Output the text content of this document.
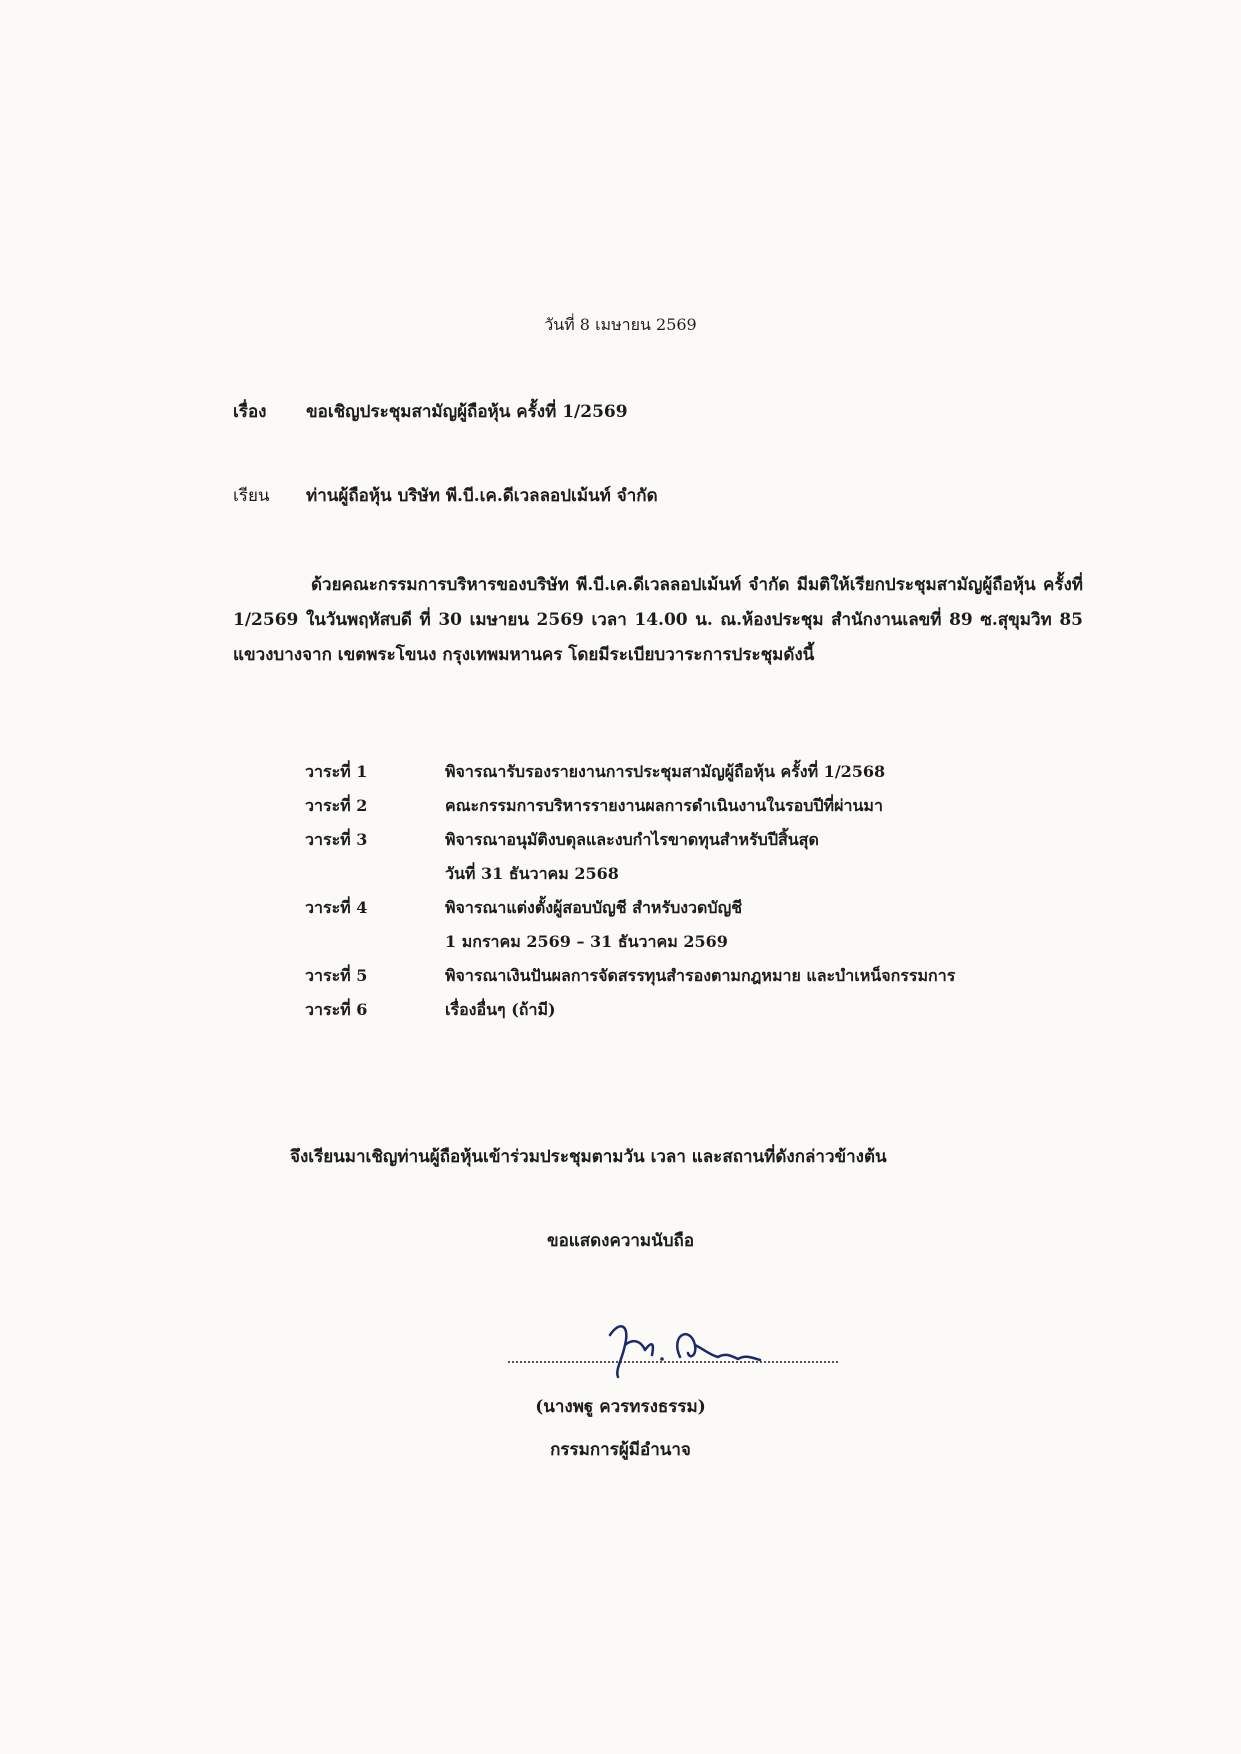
วันที่ 8 เมษายน 2569
เรื่อง ขอเชิญประชุมสามัญผู้ถือหุ้น ครั้งที่ 1/2569
เรียน ท่านผู้ถือหุ้น บริษัท พี.บี.เค.ดีเวลลอปเม้นท์ จำกัด
ด้วยคณะกรรมการบริหารของบริษัท พี.บี.เค.ดีเวลลอปเม้นท์ จำกัด มีมติให้เรียกประชุมสามัญผู้ถือหุ้น ครั้งที่ 1/2569 ในวันพฤหัสบดี ที่ 30 เมษายน 2569 เวลา 14.00 น. ณ.ห้องประชุม สำนักงานเลขที่ 89 ซ.สุขุมวิท 85 แขวงบางจาก เขตพระโขนง กรุงเทพมหานคร โดยมีระเบียบวาระการประชุมดังนี้
วาระที่ 1	พิจารณารับรองรายงานการประชุมสามัญผู้ถือหุ้น ครั้งที่ 1/2568
วาระที่ 2	คณะกรรมการบริหารรายงานผลการดำเนินงานในรอบปีที่ผ่านมา
วาระที่ 3	พิจารณาอนุมัติงบดุลและงบกำไรขาดทุนสำหรับปีสิ้นสุด
วันที่ 31 ธันวาคม 2568
วาระที่ 4	พิจารณาแต่งตั้งผู้สอบบัญชี สำหรับงวดบัญชี
1 มกราคม 2569 – 31 ธันวาคม 2569
วาระที่ 5	พิจารณาเงินปันผลการจัดสรรทุนสำรองตามกฎหมาย และบำเหน็จกรรมการ
วาระที่ 6	เรื่องอื่นๆ (ถ้ามี)
จึงเรียนมาเชิญท่านผู้ถือหุ้นเข้าร่วมประชุมตามวัน เวลา และสถานที่ดังกล่าวข้างต้น
ขอแสดงความนับถือ
(นางพฐู ควรทรงธรรม)
กรรมการผู้มีอำนาจ
